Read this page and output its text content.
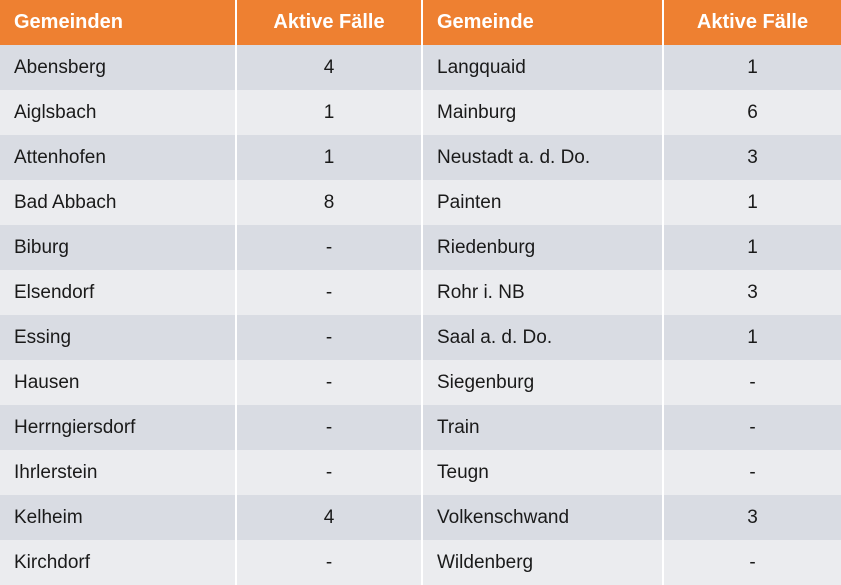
Gemeinden	Aktive Fälle	Gemeinde	Aktive Fälle
Abensberg	4	Langquaid	1
Aiglsbach	1	Mainburg	6
Attenhofen	1	Neustadt a. d. Do.	3
Bad Abbach	8	Painten	1
Biburg	-	Riedenburg	1
Elsendorf	-	Rohr i. NB	3
Essing	-	Saal a. d. Do.	1
Hausen	-	Siegenburg	-
Herrngiersdorf	-	Train	-
Ihrlerstein	-	Teugn	-
Kelheim	4	Volkenschwand	3
Kirchdorf	-	Wildenberg	-
